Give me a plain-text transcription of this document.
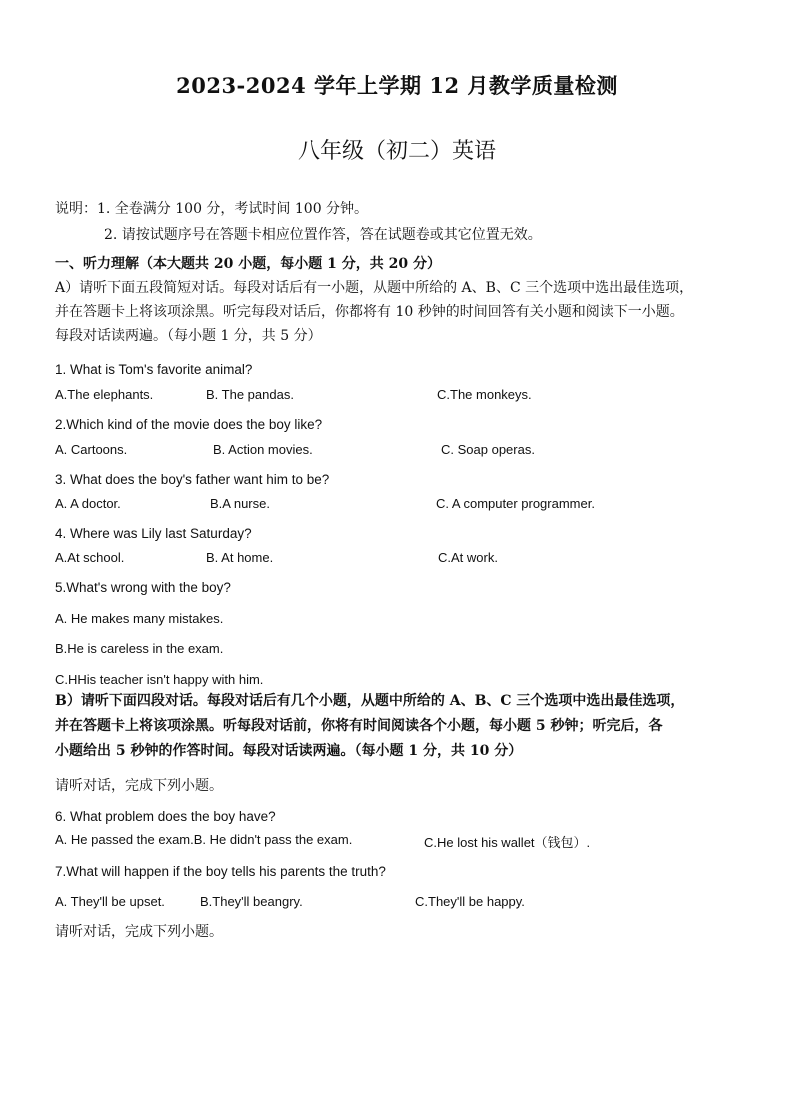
2023-2024 学年上学期 12 月教学质量检测
八年级（初二）英语
说明：1. 全卷满分 100 分，考试时间 100 分钟。
2. 请按试题序号在答题卡相应位置作答，答在试题卷或其它位置无效。
一、听力理解（本大题共 20 小题，每小题 1 分，共 20 分）
A）请听下面五段简短对话。每段对话后有一小题，从题中所给的 A、B、C 三个选项中选出最佳选项，
并在答题卡上将该项涂黑。听完每段对话后，你都将有 10 秒钟的时间回答有关小题和阅读下一小题。
每段对话读两遍。（每小题 1 分，共 5 分）
1. What is Tom's favorite animal?
A.The elephants.	B. The pandas.	C.The monkeys.
2.Which kind of the movie does the boy like?
A. Cartoons.	B. Action movies.	C. Soap operas.
3. What does the boy's father want him to be?
A. A doctor.	B.A nurse.	C. A computer programmer.
4. Where was Lily last Saturday?
A.At school.	B. At home.	C.At work.
5.What's wrong with the boy?
A. He makes many mistakes.
B.He is careless in the exam.
C.HHis teacher isn't happy with him.
B）请听下面四段对话。每段对话后有几个小题，从题中所给的 A、B、C 三个选项中选出最佳选项，
并在答题卡上将该项涂黑。听每段对话前，你将有时间阅读各个小题，每小题 5 秒钟；听完后，各
小题给出 5 秒钟的作答时间。每段对话读两遍。（每小题 1 分，共 10 分）
请听对话，完成下列小题。
6. What problem does the boy have?
A. He passed the exam.B. He didn't pass the exam.	C.He lost his wallet（钱包）.
7.What will happen if the boy tells his parents the truth?
A. They'll be upset.	B.They'll beangry.	C.They'll be happy.
请听对话，完成下列小题。
